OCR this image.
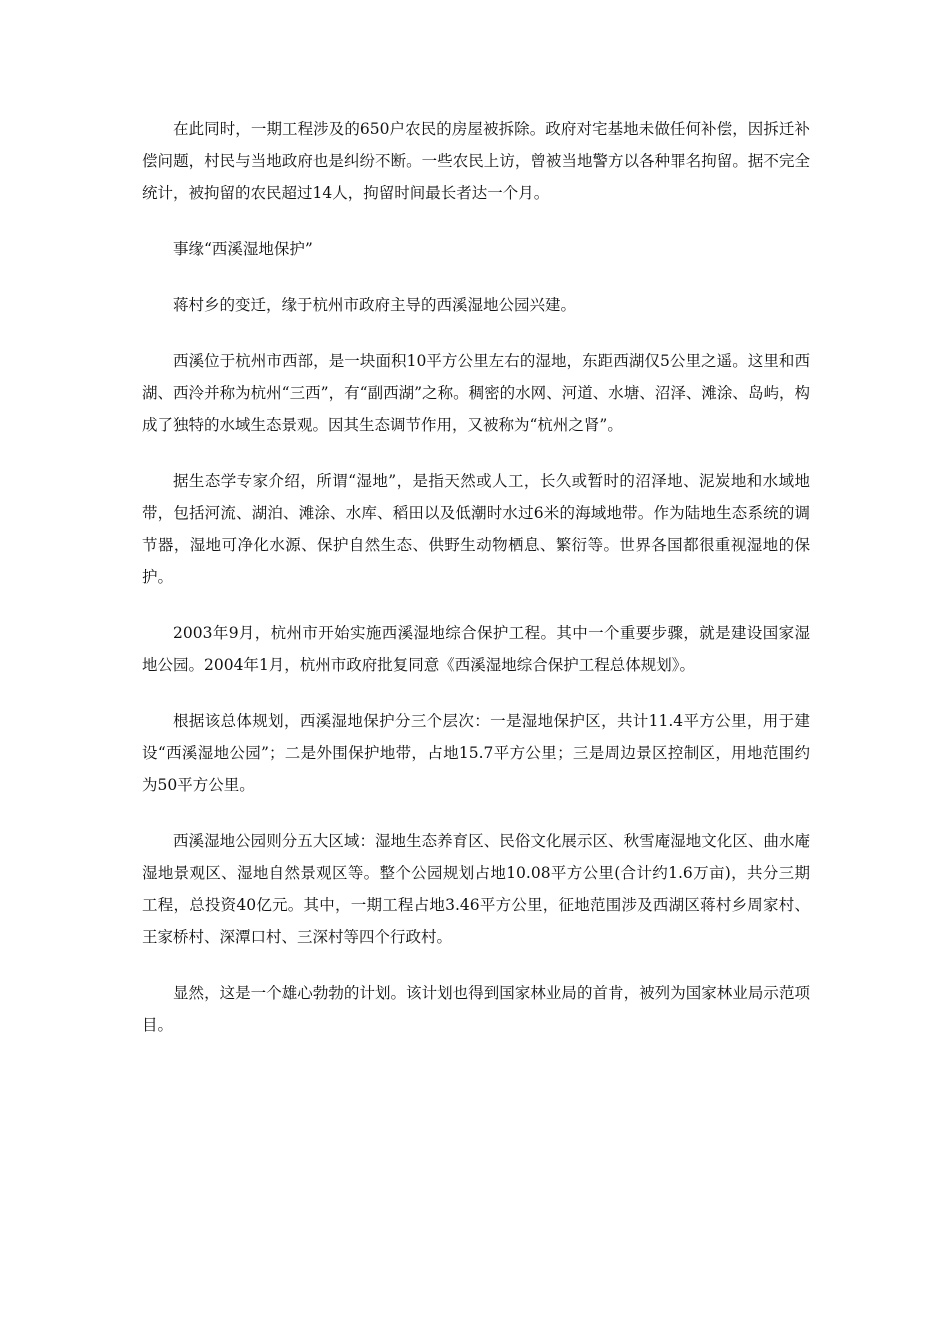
在此同时，一期工程涉及的650户农民的房屋被拆除。政府对宅基地未做任何补偿，因拆迁补偿问题，村民与当地政府也是纠纷不断。一些农民上访，曾被当地警方以各种罪名拘留。据不完全统计，被拘留的农民超过14人，拘留时间最长者达一个月。

事缘“西溪湿地保护”

蒋村乡的变迁，缘于杭州市政府主导的西溪湿地公园兴建。

西溪位于杭州市西部，是一块面积10平方公里左右的湿地，东距西湖仅5公里之遥。这里和西湖、西泠并称为杭州“三西”，有“副西湖”之称。稠密的水网、河道、水塘、沼泽、滩涂、岛屿，构成了独特的水域生态景观。因其生态调节作用，又被称为“杭州之肾”。

据生态学专家介绍，所谓“湿地”，是指天然或人工，长久或暂时的沼泽地、泥炭地和水域地带，包括河流、湖泊、滩涂、水库、稻田以及低潮时水过6米的海域地带。作为陆地生态系统的调节器，湿地可净化水源、保护自然生态、供野生动物栖息、繁衍等。世界各国都很重视湿地的保护。

2003年9月，杭州市开始实施西溪湿地综合保护工程。其中一个重要步骤，就是建设国家湿地公园。2004年1月，杭州市政府批复同意《西溪湿地综合保护工程总体规划》。

根据该总体规划，西溪湿地保护分三个层次：一是湿地保护区，共计11.4平方公里，用于建设“西溪湿地公园”；二是外围保护地带，占地15.7平方公里；三是周边景区控制区，用地范围约为50平方公里。

西溪湿地公园则分五大区域：湿地生态养育区、民俗文化展示区、秋雪庵湿地文化区、曲水庵湿地景观区、湿地自然景观区等。整个公园规划占地10.08平方公里(合计约1.6万亩)，共分三期工程，总投资40亿元。其中，一期工程占地3.46平方公里，征地范围涉及西湖区蒋村乡周家村、王家桥村、深潭口村、三深村等四个行政村。

显然，这是一个雄心勃勃的计划。该计划也得到国家林业局的首肯，被列为国家林业局示范项目。
